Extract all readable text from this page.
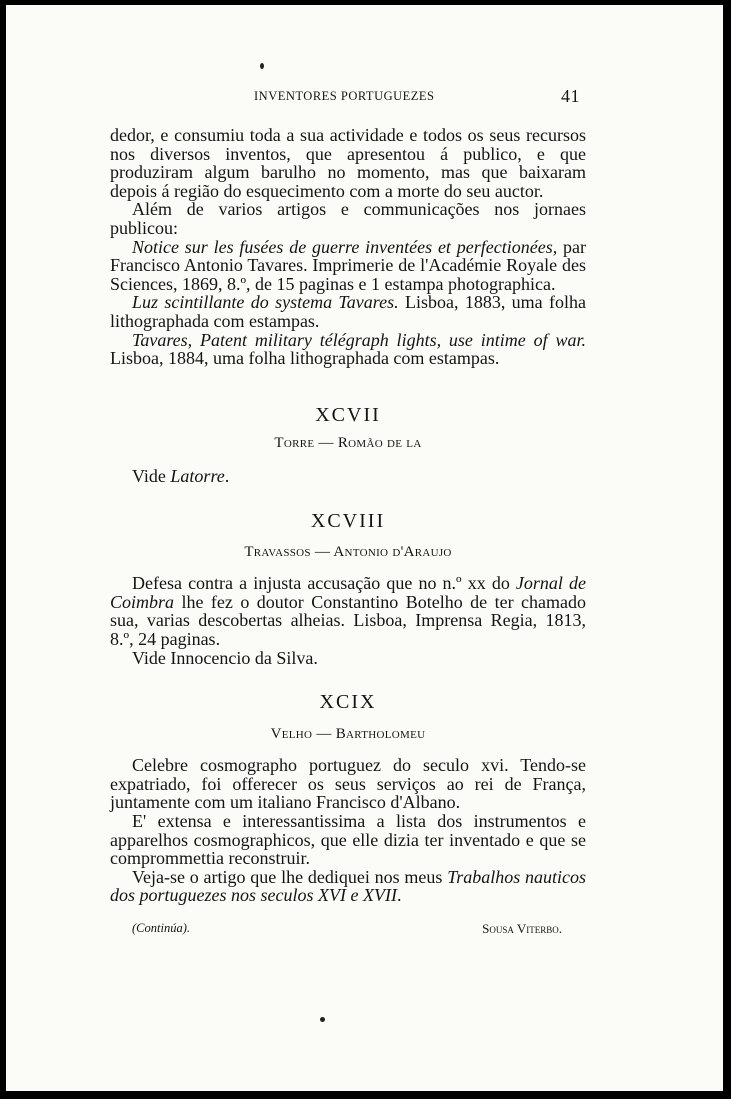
INVENTORES PORTUGUEZES	41

dedor, e consumiu toda a sua actividade e todos os seus recursos nos diversos inventos, que apresentou á publico, e que produziram algum barulho no momento, mas que baixaram depois á região do esquecimento com a morte do seu auctor.

Além de varios artigos e communicações nos jornaes publicou:

Notice sur les fusées de guerre inventées et perfectionées, par Francisco Antonio Tavares. Imprimerie de l'Académie Royale des Sciences, 1869, 8.º, de 15 paginas e 1 estampa photographica.

Luz scintillante do systema Tavares. Lisboa, 1883, uma folha lithographada com estampas.

Tavares, Patent military télégraph lights, use intime of war. Lisboa, 1884, uma folha lithographada com estampas.

XCVII

Torre — Romão de la

Vide Latorre.

XCVIII

Travassos — Antonio d'Araujo

Defesa contra a injusta accusação que no n.º xx do Jornal de Coimbra lhe fez o doutor Constantino Botelho de ter chamado sua, varias descobertas alheias. Lisboa, Imprensa Regia, 1813, 8.º, 24 paginas.

Vide Innocencio da Silva.

XCIX

Velho — Bartholomeu

Celebre cosmographo portuguez do seculo xvi. Tendo-se expatriado, foi offerecer os seus serviços ao rei de França, juntamente com um italiano Francisco d'Albano.

E' extensa e interessantissima a lista dos instrumentos e apparelhos cosmographicos, que elle dizia ter inventado e que se comprommettia reconstruir.

Veja-se o artigo que lhe dediquei nos meus Trabalhos nauticos dos portuguezes nos seculos XVI e XVII.

(Continúa).	Sousa Viterbo.
